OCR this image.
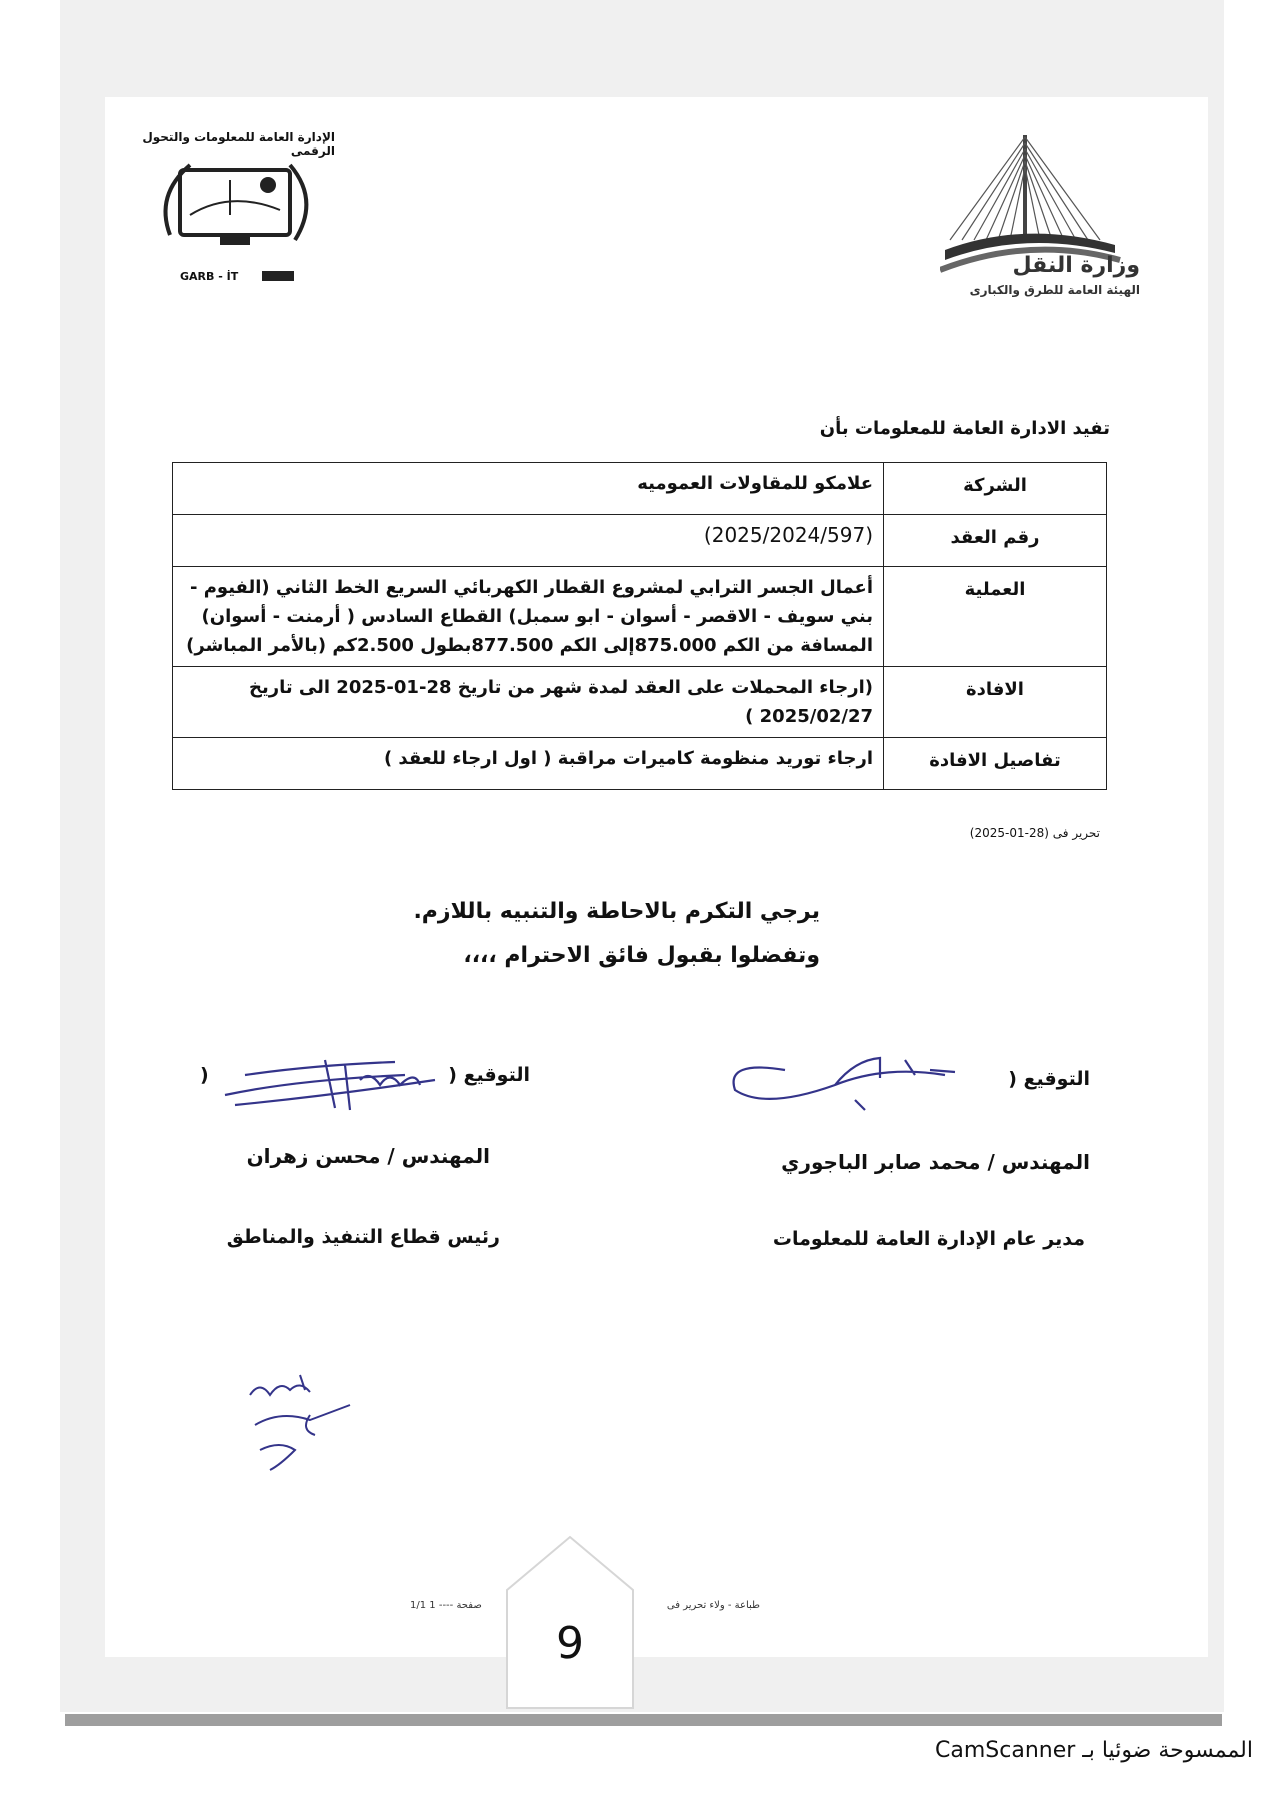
وزارة النقل
الهيئة العامة للطرق والكبارى
الإدارة العامة للمعلومات والتحول الرقمى
GARB - İT
تفيد الادارة العامة للمعلومات بأن
الشركة	علامكو للمقاولات العموميه
رقم العقد	(2025/2024/597)
العملية	أعمال الجسر الترابي لمشروع القطار الكهربائي السريع الخط الثاني (الفيوم - بني سويف - الاقصر - أسوان - ابو سمبل) القطاع السادس ( أرمنت - أسوان) المسافة من الكم 875.000إلى الكم 877.500بطول 2.500كم (بالأمر المباشر)
الافادة	(ارجاء المحملات على العقد لمدة شهر من تاريخ 28-01-2025 الى تاريخ 2025/02/27 )
تفاصيل الافادة	ارجاء توريد منظومة كاميرات مراقبة ( اول ارجاء للعقد )
تحرير فى (28-01-2025)
يرجي التكرم بالاحاطة والتنبيه باللازم.
وتفضلوا بقبول فائق الاحترام ،،،،
التوقيع (
المهندس / محمد صابر الباجوري
مدير عام الإدارة العامة للمعلومات
)	التوقيع (
المهندس / محسن زهران
رئيس قطاع التنفيذ والمناطق
1/1 صفحة ---- 1	طباعة - ولاء تحرير فى
6
الممسوحة ضوئيا بـ CamScanner
